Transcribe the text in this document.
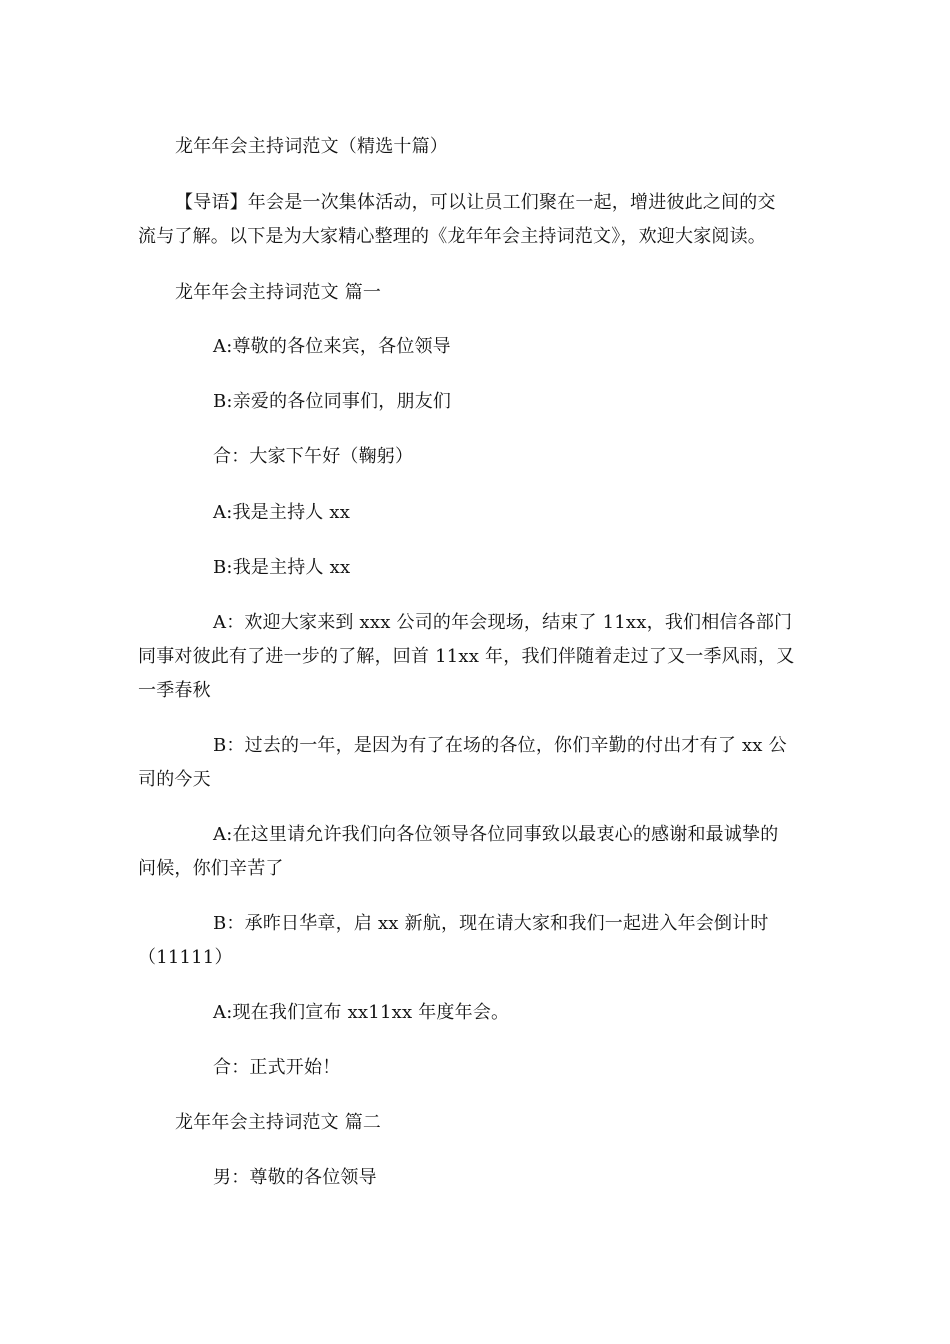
龙年年会主持词范文（精选十篇）
【导语】年会是一次集体活动，可以让员工们聚在一起，增进彼此之间的交
流与了解。以下是为大家精心整理的《龙年年会主持词范文》，欢迎大家阅读。
龙年年会主持词范文 篇一
A:尊敬的各位来宾，各位领导
B:亲爱的各位同事们，朋友们
合：大家下午好（鞠躬）
A:我是主持人 xx
B:我是主持人 xx
A：欢迎大家来到 xxx 公司的年会现场，结束了 11xx，我们相信各部门
同事对彼此有了进一步的了解，回首 11xx 年，我们伴随着走过了又一季风雨，又
一季春秋
B：过去的一年，是因为有了在场的各位，你们辛勤的付出才有了 xx 公
司的今天
A:在这里请允许我们向各位领导各位同事致以最衷心的感谢和最诚挚的
问候，你们辛苦了
B：承昨日华章，启 xx 新航，现在请大家和我们一起进入年会倒计时
（11111）
A:现在我们宣布 xx11xx 年度年会。
合：正式开始！
龙年年会主持词范文 篇二
男：尊敬的各位领导
